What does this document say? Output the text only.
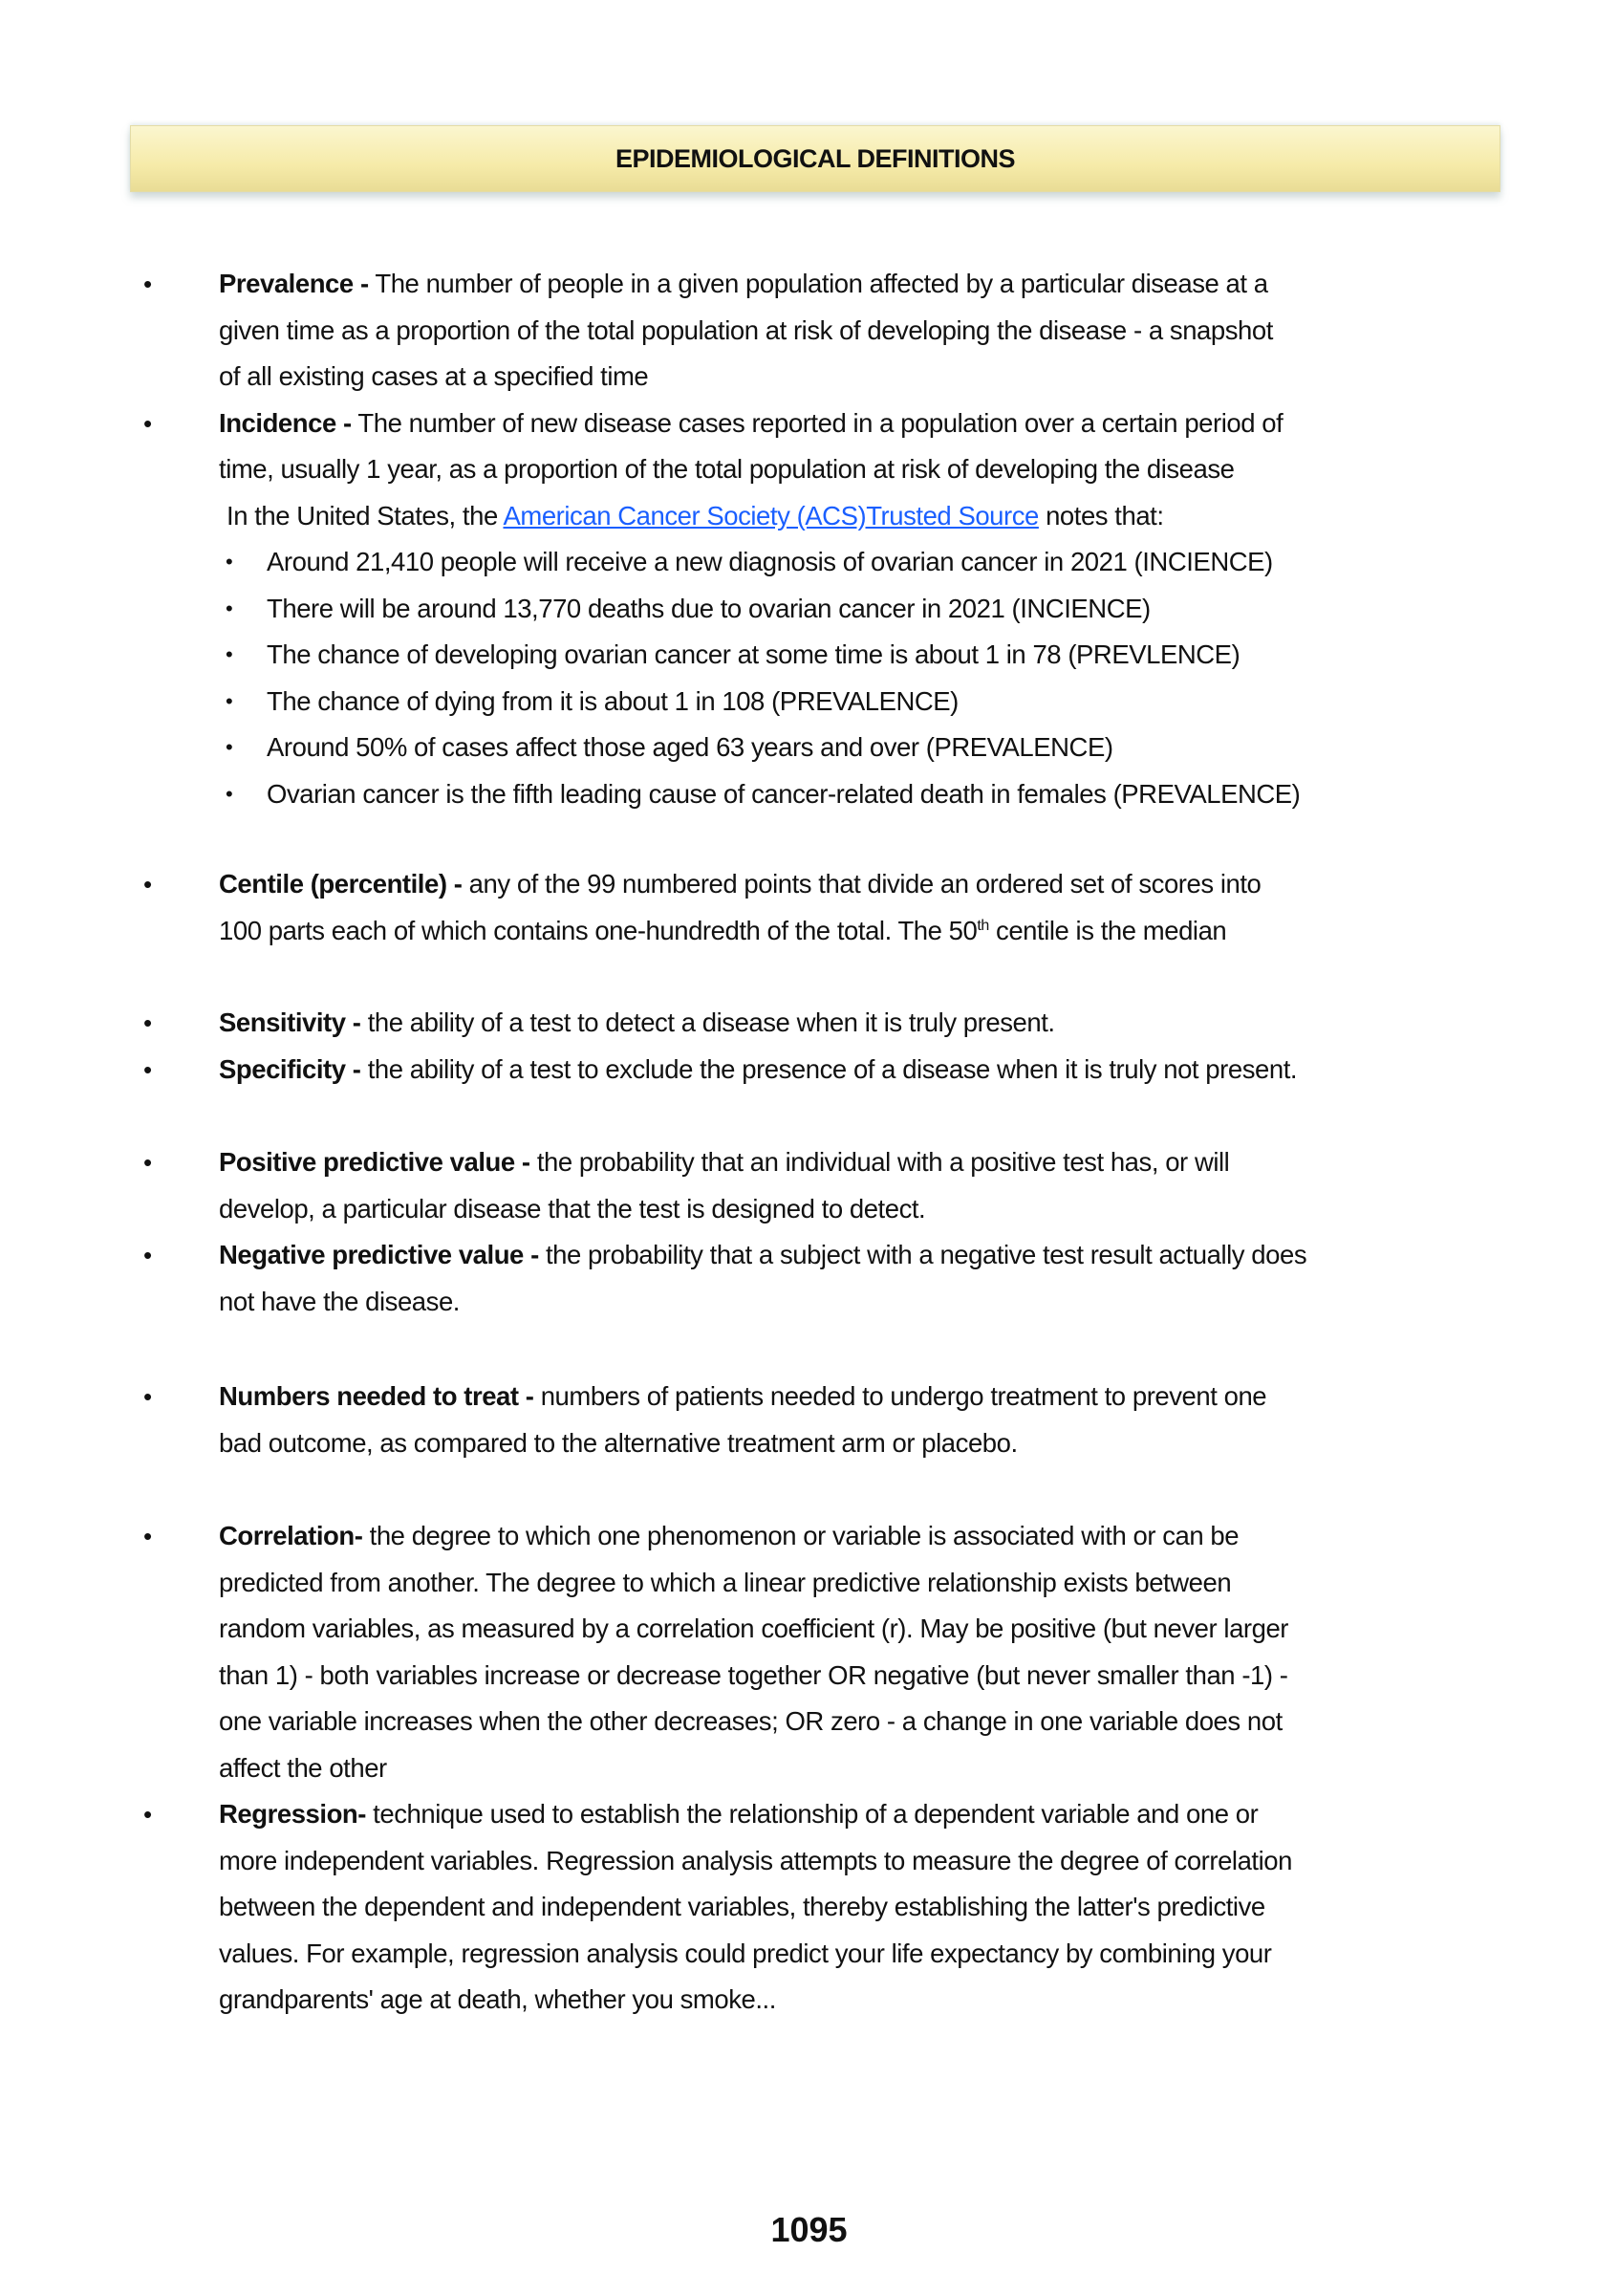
EPIDEMIOLOGICAL DEFINITIONS
•	Prevalence - The number of people in a given population affected by a particular disease at a
given time as a proportion of the total population at risk of developing the disease - a snapshot
of all existing cases at a specified time
•	Incidence - The number of new disease cases reported in a population over a certain period of
time, usually 1 year, as a proportion of the total population at risk of developing the disease
In the United States, the American Cancer Society (ACS)Trusted Source notes that:
• Around 21,410 people will receive a new diagnosis of ovarian cancer in 2021 (INCIENCE)
• There will be around 13,770 deaths due to ovarian cancer in 2021 (INCIENCE)
• The chance of developing ovarian cancer at some time is about 1 in 78 (PREVLENCE)
• The chance of dying from it is about 1 in 108 (PREVALENCE)
• Around 50% of cases affect those aged 63 years and over (PREVALENCE)
• Ovarian cancer is the fifth leading cause of cancer-related death in females (PREVALENCE)
•	Centile (percentile) - any of the 99 numbered points that divide an ordered set of scores into
100 parts each of which contains one-hundredth of the total. The 50th centile is the median
•	Sensitivity - the ability of a test to detect a disease when it is truly present.
•	Specificity - the ability of a test to exclude the presence of a disease when it is truly not present.
•	Positive predictive value - the probability that an individual with a positive test has, or will
develop, a particular disease that the test is designed to detect.
•	Negative predictive value - the probability that a subject with a negative test result actually does
not have the disease.
•	Numbers needed to treat - numbers of patients needed to undergo treatment to prevent one
bad outcome, as compared to the alternative treatment arm or placebo.
•	Correlation- the degree to which one phenomenon or variable is associated with or can be
predicted from another. The degree to which a linear predictive relationship exists between
random variables, as measured by a correlation coefficient (r). May be positive (but never larger
than 1) - both variables increase or decrease together OR negative (but never smaller than -1) -
one variable increases when the other decreases; OR zero - a change in one variable does not
affect the other
•	Regression- technique used to establish the relationship of a dependent variable and one or
more independent variables. Regression analysis attempts to measure the degree of correlation
between the dependent and independent variables, thereby establishing the latter's predictive
values. For example, regression analysis could predict your life expectancy by combining your
grandparents' age at death, whether you smoke...
1095
